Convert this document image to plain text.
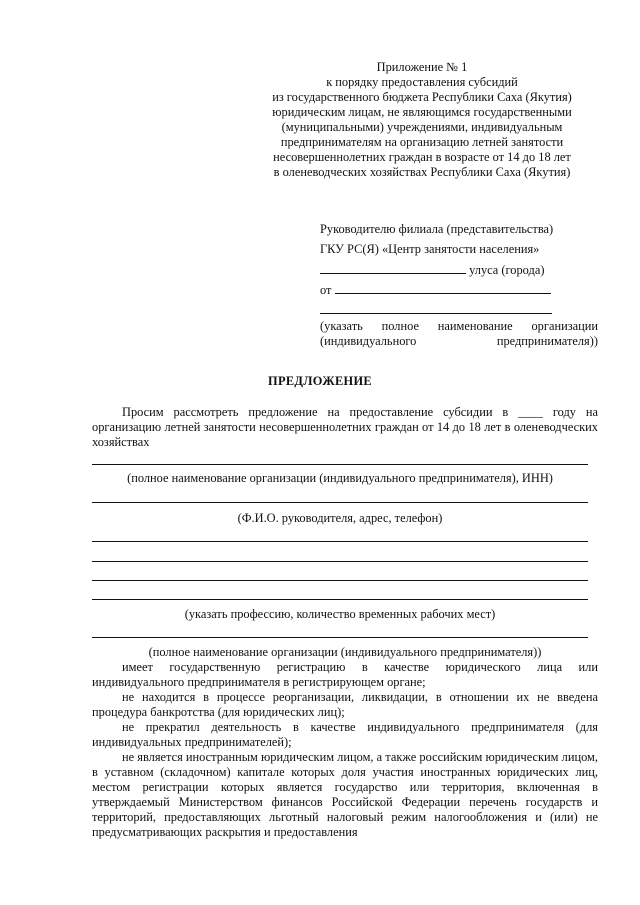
Приложение № 1
к порядку предоставления субсидий
из государственного бюджета Республики Саха (Якутия)
юридическим лицам, не являющимся государственными
(муниципальными) учреждениями, индивидуальным
предпринимателям на организацию летней занятости
несовершеннолетних граждан в возрасте от 14 до 18 лет
в оленеводческих хозяйствах Республики Саха (Якутия)
Руководителю филиала (представительства)
ГКУ РС(Я) «Центр занятости населения»
улуса (города)
от
(указать полное наименование организации (индивидуального предпринимателя))
ПРЕДЛОЖЕНИЕ
Просим рассмотреть предложение на предоставление субсидии в ____ году на организацию летней занятости несовершеннолетних граждан от 14 до 18 лет в оленеводческих хозяйствах
(полное наименование организации (индивидуального предпринимателя), ИНН)
(Ф.И.О. руководителя, адрес, телефон)
(указать профессию, количество временных рабочих мест)

(полное наименование организации (индивидуального предпринимателя))

имеет государственную регистрацию в качестве юридического лица или индивидуального предпринимателя в регистрирующем органе;

не находится в процессе реорганизации, ликвидации, в отношении их не введена процедура банкротства (для юридических лиц);

не прекратил деятельность в качестве индивидуального предпринимателя (для индивидуальных предпринимателей);

не является иностранным юридическим лицом, а также российским юридическим лицом, в уставном (складочном) капитале которых доля участия иностранных юридических лиц, местом регистрации которых является государство или территория, включенная в утверждаемый Министерством финансов Российской Федерации перечень государств и территорий, предоставляющих льготный налоговый режим налогообложения и (или) не предусматривающих раскрытия и предоставления
